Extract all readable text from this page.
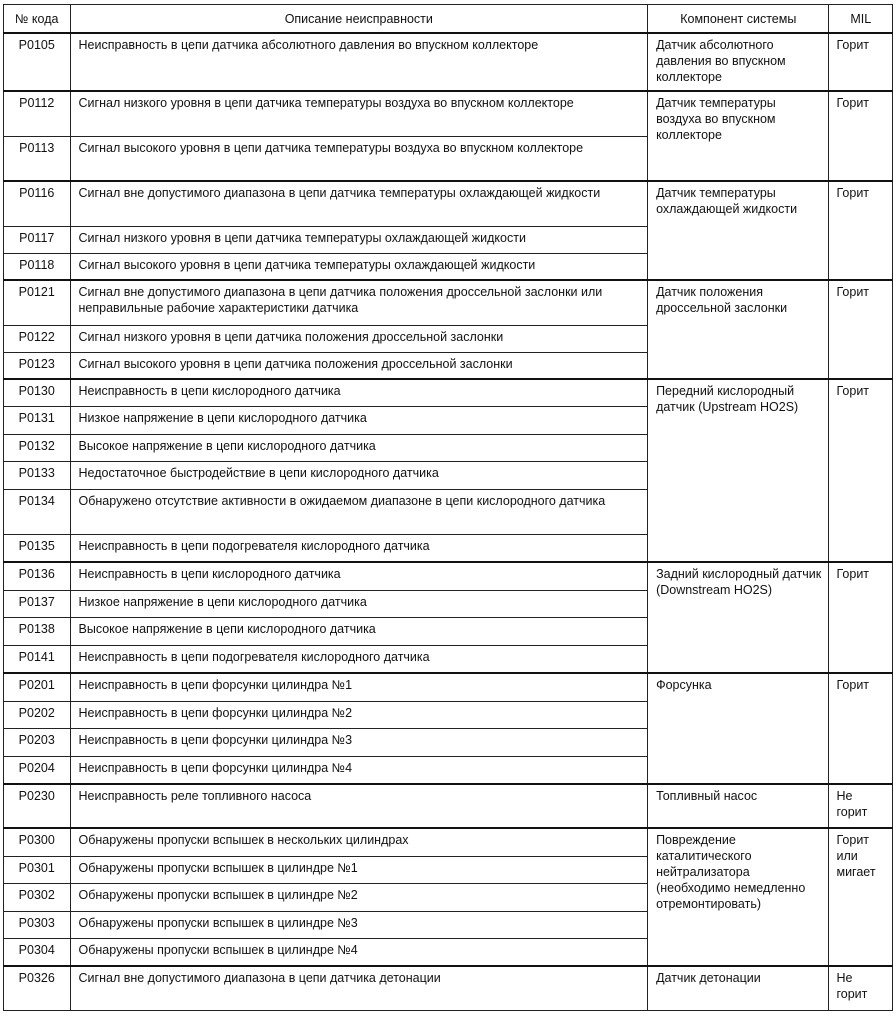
№ кода	Описание неисправности	Компонент системы	MIL
P0105	Неисправность в цепи датчика абсолютного давления во впускном коллекторе	Датчик абсолютного давления во впускном коллекторе	Горит
P0112	Сигнал низкого уровня в цепи датчика температуры воздуха во впускном коллекторе	Датчик температуры воздуха во впускном коллекторе	Горит
P0113	Сигнал высокого уровня в цепи датчика температуры воздуха во впускном коллекторе		
P0116	Сигнал вне допустимого диапазона в цепи датчика температуры охлаждающей жидкости	Датчик температуры охлаждающей жидкости	Горит
P0117	Сигнал низкого уровня в цепи датчика температуры охлаждающей жидкости		
P0118	Сигнал высокого уровня в цепи датчика температуры охлаждающей жидкости		
P0121	Сигнал вне допустимого диапазона в цепи датчика положения дроссельной заслонки или неправильные рабочие характеристики датчика	Датчик положения дроссельной заслонки	Горит
P0122	Сигнал низкого уровня в цепи датчика положения дроссельной заслонки		
P0123	Сигнал высокого уровня в цепи датчика положения дроссельной заслонки		
P0130	Неисправность в цепи кислородного датчика	Передний кислородный датчик (Upstream HO2S)	Горит
P0131	Низкое напряжение в цепи кислородного датчика		
P0132	Высокое напряжение в цепи кислородного датчика		
P0133	Недостаточное быстродействие в цепи кислородного датчика		
P0134	Обнаружено отсутствие активности в ожидаемом диапазоне в цепи кислородного датчика		
P0135	Неисправность в цепи подогревателя кислородного датчика		
P0136	Неисправность в цепи кислородного датчика	Задний кислородный датчик (Downstream HO2S)	Горит
P0137	Низкое напряжение в цепи кислородного датчика		
P0138	Высокое напряжение в цепи кислородного датчика		
P0141	Неисправность в цепи подогревателя кислородного датчика		
P0201	Неисправность в цепи форсунки цилиндра №1	Форсунка	Горит
P0202	Неисправность в цепи форсунки цилиндра №2		
P0203	Неисправность в цепи форсунки цилиндра №3		
P0204	Неисправность в цепи форсунки цилиндра №4		
P0230	Неисправность реле топливного насоса	Топливный насос	Не горит
P0300	Обнаружены пропуски вспышек в нескольких цилиндрах	Повреждение каталитического нейтрализатора (необходимо немедленно отремонтировать)	Горит или мигает
P0301	Обнаружены пропуски вспышек в цилиндре №1		
P0302	Обнаружены пропуски вспышек в цилиндре №2		
P0303	Обнаружены пропуски вспышек в цилиндре №3		
P0304	Обнаружены пропуски вспышек в цилиндре №4		
P0326	Сигнал вне допустимого диапазона в цепи датчика детонации	Датчик детонации	Не горит
